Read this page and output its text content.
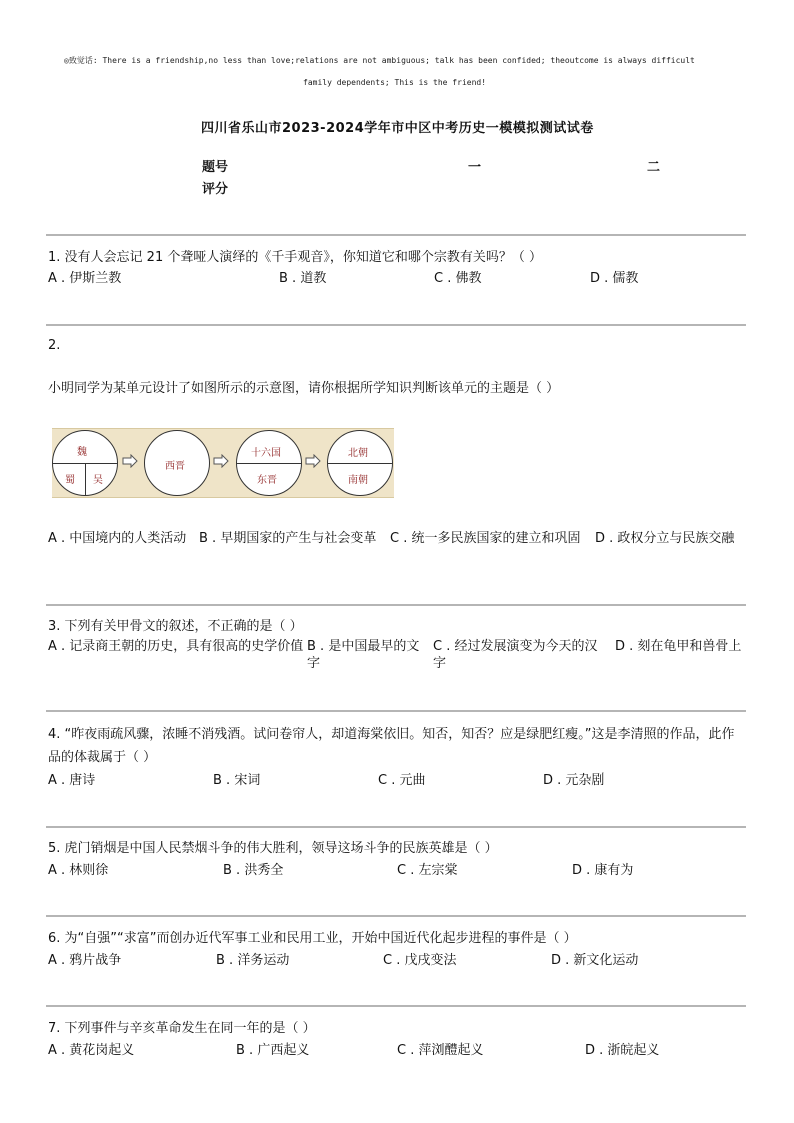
◎致觉话: There is a friendship,no less than love;relations are not ambiguous; talk has been confided; theoutcome is always difficult
family dependents; This is the friend!
四川省乐山市2023-2024学年市中区中考历史一模模拟测试试卷
题号	一	二
评分
1. 没有人会忘记 21 个聋哑人演绎的《千手观音》，你知道它和哪个宗教有关吗？（ ）
A . 伊斯兰教	B . 道教	C . 佛教	D . 儒教
2.
小明同学为某单元设计了如图所示的示意图，请你根据所学知识判断该单元的主题是（ ）
魏
蜀 吴
西晋
十六国
东晋
北朝
南朝
A . 中国境内的人类活动 B . 早期国家的产生与社会变革	C . 统一多民族国家的建立和巩固	D . 政权分立与民族交融
3. 下列有关甲骨文的叙述，不正确的是（ ）
A . 记录商王朝的历史，具有很高的史学价值 B . 是中国最早的文字
C . 经过发展演变为今天的汉字
D . 刻在龟甲和兽骨上
4. “昨夜雨疏风骤，浓睡不消残酒。试问卷帘人，却道海棠依旧。知否，知否？应是绿肥红瘦。”这是李清照的作品，此作品的体裁属于（ ）
A . 唐诗	B . 宋词	C . 元曲	D . 元杂剧
5. 虎门销烟是中国人民禁烟斗争的伟大胜利，领导这场斗争的民族英雄是（ ）
A . 林则徐	B . 洪秀全	C . 左宗棠	D . 康有为
6. 为“自强”“求富”而创办近代军事工业和民用工业，开始中国近代化起步进程的事件是（ ）
A . 鸦片战争	B . 洋务运动	C . 戊戌变法	D . 新文化运动
7. 下列事件与辛亥革命发生在同一年的是（ ）
A . 黄花岗起义	B . 广西起义	C . 萍浏醴起义	D . 浙皖起义
